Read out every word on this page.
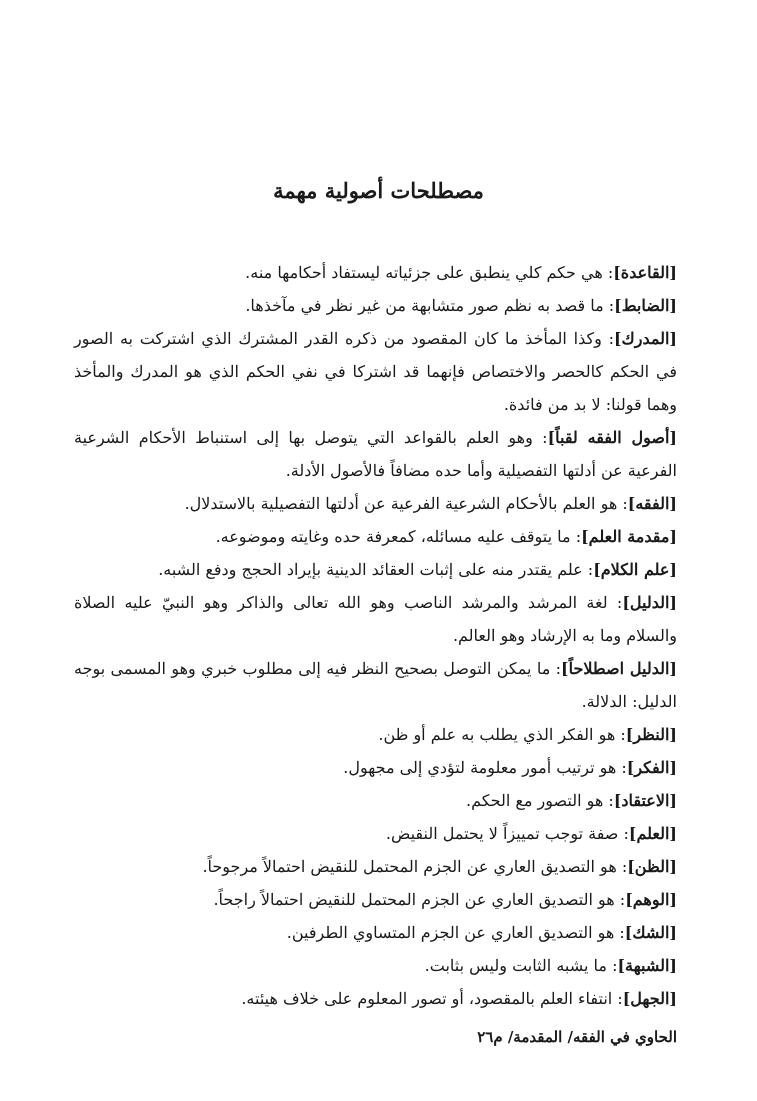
مصطلحات أصولية مهمة

[القاعدة]: هي حكم كلي ينطبق على جزئياته ليستفاد أحكامها منه.

[الضابط]: ما قصد به نظم صور متشابهة من غير نظر في مآخذها.

[المدرك]: وكذا المأخذ ما كان المقصود من ذكره القدر المشترك الذي اشتركت به الصور في الحكم كالحصر والاختصاص فإنهما قد اشتركا في نفي الحكم الذي هو المدرك والمأخذ وهما قولنا: لا بد من فائدة.

[أصول الفقه لقباً]: وهو العلم بالقواعد التي يتوصل بها إلى استنباط الأحكام الشرعية الفرعية عن أدلتها التفصيلية وأما حده مضافاً فالأصول الأدلة.

[الفقه]: هو العلم بالأحكام الشرعية الفرعية عن أدلتها التفصيلية بالاستدلال.

[مقدمة العلم]: ما يتوقف عليه مسائله، كمعرفة حده وغايته وموضوعه.

[علم الكلام]: علم يقتدر منه على إثبات العقائد الدينية بإيراد الحجج ودفع الشبه.

[الدليل]: لغة المرشد والمرشد الناصب وهو الله تعالى والذاكر وهو النبيّ عليه الصلاة والسلام وما به الإرشاد وهو العالم.

[الدليل اصطلاحاً]: ما يمكن التوصل بصحيح النظر فيه إلى مطلوب خبري وهو المسمى بوجه الدليل: الدلالة.

[النظر]: هو الفكر الذي يطلب به علم أو ظن.

[الفكر]: هو ترتيب أمور معلومة لتؤدي إلى مجهول.

[الاعتقاد]: هو التصور مع الحكم.

[العلم]: صفة توجب تمييزاً لا يحتمل النقيض.

[الظن]: هو التصديق العاري عن الجزم المحتمل للنقيض احتمالاً مرجوحاً.

[الوهم]: هو التصديق العاري عن الجزم المحتمل للنقيض احتمالاً راجحاً.

[الشك]: هو التصديق العاري عن الجزم المتساوي الطرفين.

[الشبهة]: ما يشبه الثابت وليس بثابت.

[الجهل]: انتفاء العلم بالمقصود، أو تصور المعلوم على خلاف هيئته.

الحاوي في الفقه/ المقدمة/ م٢٦
